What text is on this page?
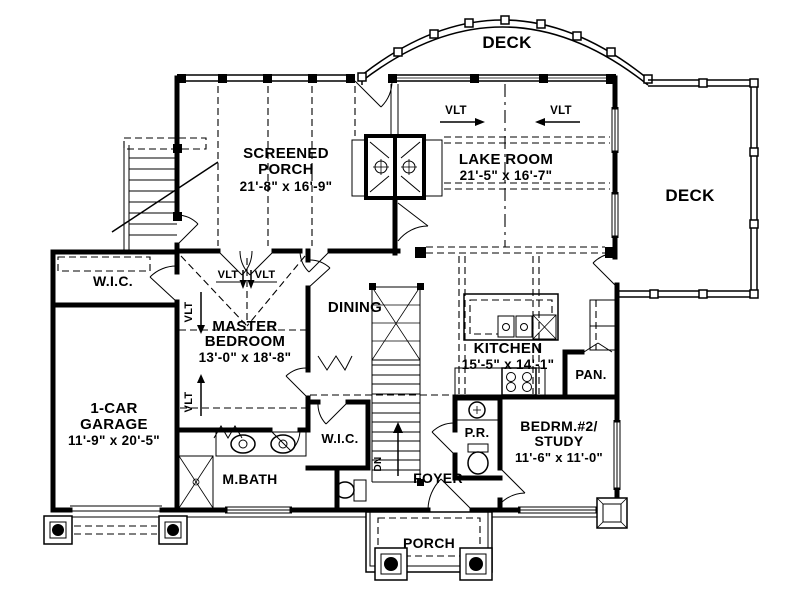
DECK
DECK
SCREENED
PORCH
21'-8" x 16'-9"
LAKE ROOM
21'-5" x 16'-7"
VLT	VLT
W.I.C.
MASTER
BEDROOM
13'-0" x 18'-8"
VLT VLT
VLT
VLT
1-CAR
GARAGE
11'-9" x 20'-5"
DINING
KITCHEN
15'-5" x 14'-1"
PAN.
W.I.C.
M.BATH
DN
FOYER
P.R. BEDRM.#2/
STUDY
11'-6" x 11'-0"
PORCH
